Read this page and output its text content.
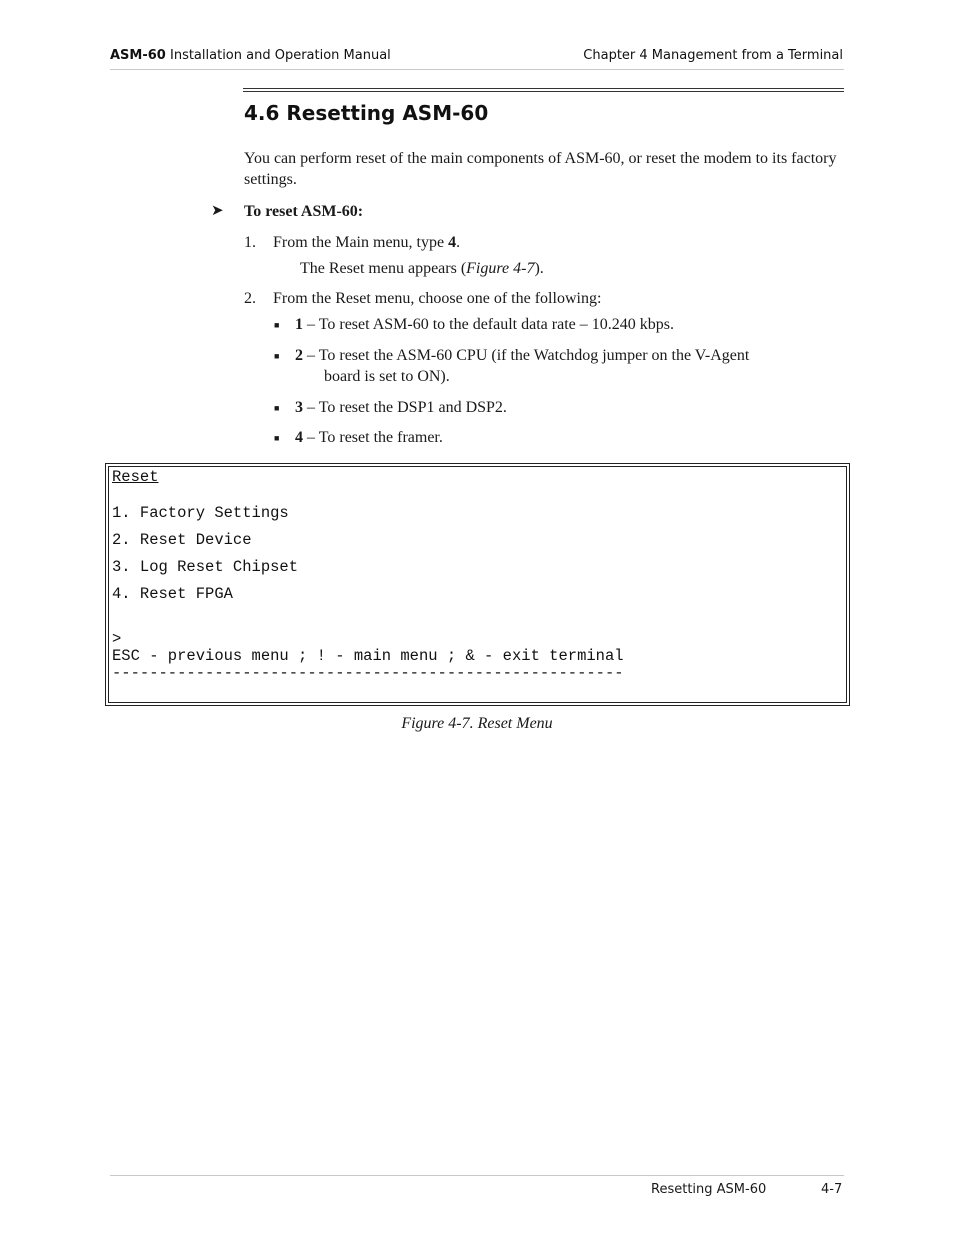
ASM-60 Installation and Operation Manual	Chapter 4 Management from a Terminal
4.6 Resetting ASM-60
You can perform reset of the main components of ASM-60, or reset the modem to its factory settings.
➤ To reset ASM-60:
1. From the Main menu, type 4.
The Reset menu appears (Figure 4-7).
2. From the Reset menu, choose one of the following:
■ 1 – To reset ASM-60 to the default data rate – 10.240 kbps.
■ 2 – To reset the ASM-60 CPU (if the Watchdog jumper on the V-Agent
board is set to ON).
■ 3 – To reset the DSP1 and DSP2.
■ 4 – To reset the framer.
Reset
1. Factory Settings
2. Reset Device
3. Log Reset Chipset
4. Reset FPGA
>
ESC - previous menu ; ! - main menu ; & - exit terminal
-------------------------------------------------------
Figure 4-7. Reset Menu
Resetting ASM-60	4-7
